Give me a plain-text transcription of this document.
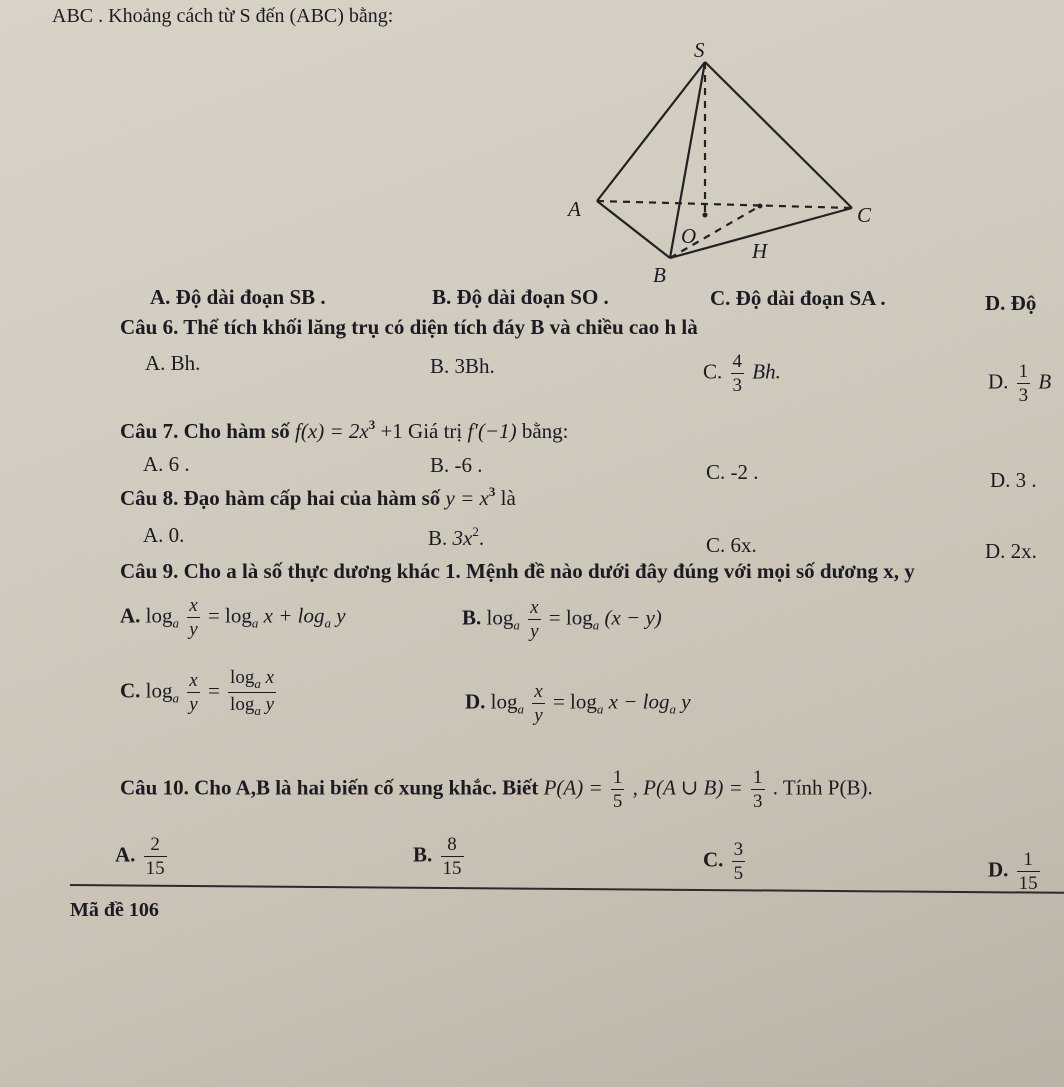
ABC . Khoảng cách từ S đến (ABC) bằng:
S
A	C
O
H
B
A. Độ dài đoạn SB .	B. Độ dài đoạn SO .	C. Độ dài đoạn SA .	D. Độ
Câu 6. Thể tích khối lăng trụ có diện tích đáy B và chiều cao h là
A. Bh.	B. 3Bh.	C. $\frac{4}{3} Bh$.	D. $\frac{1}{3}$ B
Câu 7. Cho hàm số $f(x) = 2x^3 +1$ Giá trị f′(−1) bằng:
A. 6 .	B. -6 .	C. -2 .	D. 3 .
Câu 8. Đạo hàm cấp hai của hàm số $y = x^3$ là
A. 0.	B. $3x^2$.	C. 6x.	D. 2x.
Câu 9. Cho a là số thực dương khác 1. Mệnh đề nào dưới đây đúng với mọi số dương x, y
A. $\log_a \frac{x}{y} = \log_a x + \log_a y$	B. $\log_a \frac{x}{y} = \log_a (x - y)$
C. $\log_a \frac{x}{y} = \frac{\log_a x}{\log_a y}$	D. $\log_a \frac{x}{y} = \log_a x - \log_a y$
Câu 10. Cho A,B là hai biến cố xung khắc. Biết $P(A) = \frac{1}{5}$ , P(A ∪ $B) = \frac{1}{3}$ . Tính P(B).
A. $\frac{2}{15}$	B. $\frac{8}{15}$	C. $\frac{3}{5}$	D. $\frac{1}{15}$
Mã đề 106
